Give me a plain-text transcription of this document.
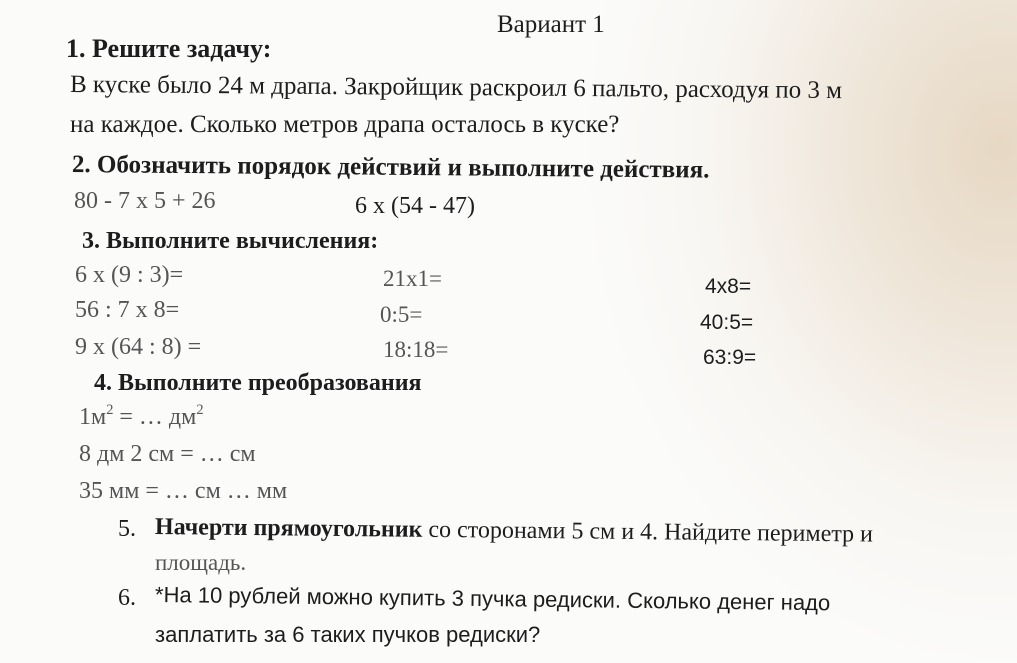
Вариант 1
1. Решите задачу:
В куске было 24 м драпа. Закройщик раскроил 6 пальто, расходуя по 3 м
на каждое. Сколько метров драпа осталось в куске?
2. Обозначить порядок действий и выполните действия.
80 - 7 x 5 + 26	6 x (54 - 47)
3. Выполните вычисления:
6 x (9 : 3)=
56 : 7 x 8=
9 x (64 : 8) =
21x1=
0:5=
18:18=
4x8=
40:5=
63:9=
4. Выполните преобразования
$1м^2$ = … $дм^2$
8 дм 2 см = … см
35 мм = … см … мм
5. Начерти прямоугольник со сторонами 5 см и 4. Найдите периметр и
площадь.
6. *На 10 рублей можно купить 3 пучка редиски. Сколько денег надо
заплатить за 6 таких пучков редиски?
